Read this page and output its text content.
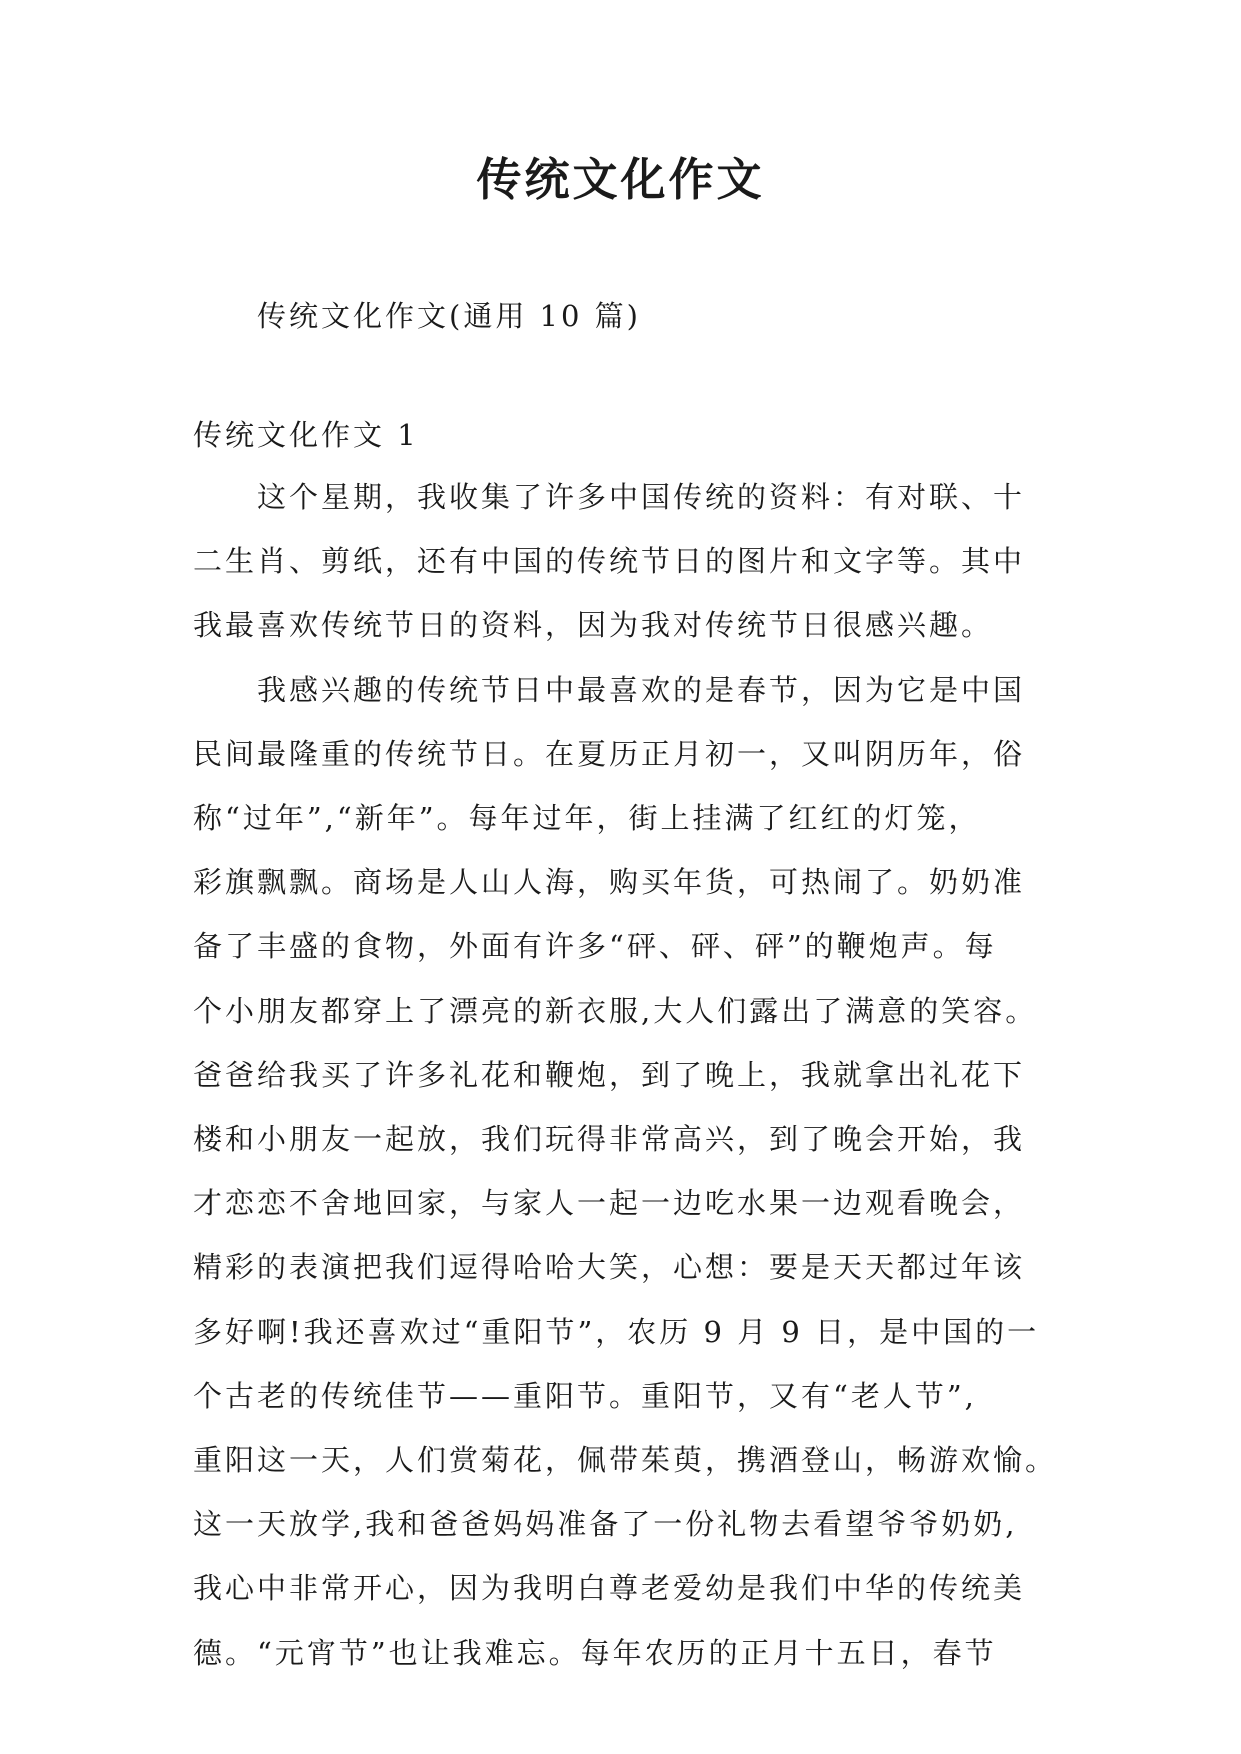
传统文化作文
传统文化作文(通用 10 篇)
传统文化作文 1
这个星期，我收集了许多中国传统的资料：有对联、十
二生肖、剪纸，还有中国的传统节日的图片和文字等。其中
我最喜欢传统节日的资料，因为我对传统节日很感兴趣。
我感兴趣的传统节日中最喜欢的是春节，因为它是中国
民间最隆重的传统节日。在夏历正月初一，又叫阴历年，俗
称“过年”,“新年”。每年过年，街上挂满了红红的灯笼，
彩旗飘飘。商场是人山人海，购买年货，可热闹了。奶奶准
备了丰盛的食物，外面有许多“砰、砰、砰”的鞭炮声。每
个小朋友都穿上了漂亮的新衣服,大人们露出了满意的笑容。
爸爸给我买了许多礼花和鞭炮，到了晚上，我就拿出礼花下
楼和小朋友一起放，我们玩得非常高兴，到了晚会开始，我
才恋恋不舍地回家，与家人一起一边吃水果一边观看晚会，
精彩的表演把我们逗得哈哈大笑，心想：要是天天都过年该
多好啊!我还喜欢过“重阳节”，农历 9 月 9 日，是中国的一
个古老的传统佳节——重阳节。重阳节，又有“老人节”,
重阳这一天，人们赏菊花，佩带茱萸，携酒登山，畅游欢愉。
这一天放学,我和爸爸妈妈准备了一份礼物去看望爷爷奶奶,
我心中非常开心，因为我明白尊老爱幼是我们中华的传统美
德。“元宵节”也让我难忘。每年农历的正月十五日，春节
